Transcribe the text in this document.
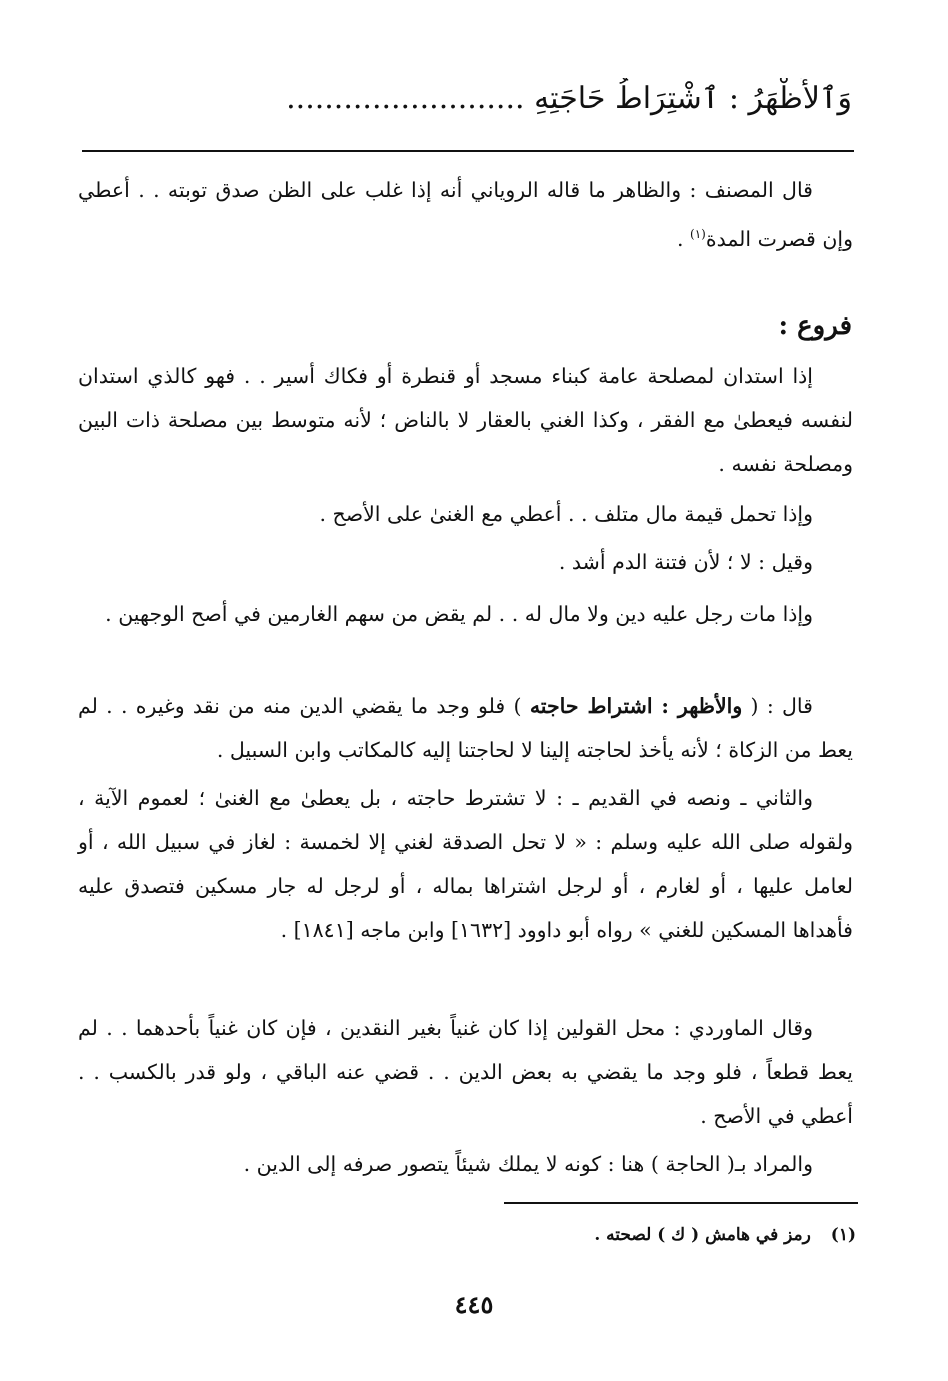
وَٱلأَظْهَرُ : ٱشْتِرَاطُ حَاجَتِهِ .........................
قال المصنف : والظاهر ما قاله الروياني أنه إذا غلب على الظن صدق توبته . . أعطي وإن قصرت المدة$^{(١)}$ .
فروع :
إذا استدان لمصلحة عامة كبناء مسجد أو قنطرة أو فكاك أسير . . فهو كالذي استدان لنفسه فيعطىٰ مع الفقر ، وكذا الغني بالعقار لا بالناض ؛ لأنه متوسط بين مصلحة ذات البين ومصلحة نفسه .
وإذا تحمل قيمة مال متلف . . أعطي مع الغنىٰ على الأصح .
وقيل : لا ؛ لأن فتنة الدم أشد .
وإذا مات رجل عليه دين ولا مال له . . لم يقض من سهم الغارمين في أصح الوجهين .
قال : ( والأظهر : اشتراط حاجته ) فلو وجد ما يقضي الدين منه من نقد وغيره . . لم يعط من الزكاة ؛ لأنه يأخذ لحاجته إلينا لا لحاجتنا إليه كالمكاتب وابن السبيل .
والثاني ـ ونصه في القديم ـ : لا تشترط حاجته ، بل يعطىٰ مع الغنىٰ ؛ لعموم الآية ، ولقوله صلى الله عليه وسلم : « لا تحل الصدقة لغني إلا لخمسة : لغاز في سبيل الله ، أو لعامل عليها ، أو لغارم ، أو لرجل اشتراها بماله ، أو لرجل له جار مسكين فتصدق عليه فأهداها المسكين للغني » رواه أبو داوود [١٦٣٢] وابن ماجه [١٨٤١] .
وقال الماوردي : محل القولين إذا كان غنياً بغير النقدين ، فإن كان غنياً بأحدهما . . لم يعط قطعاً ، فلو وجد ما يقضي به بعض الدين . . قضي عنه الباقي ، ولو قدر بالكسب . . أعطي في الأصح .
والمراد بـ( الحاجة ) هنا : كونه لا يملك شيئاً يتصور صرفه إلى الدين .
(١) رمز في هامش ( ك ) لصحته .
٤٤٥
